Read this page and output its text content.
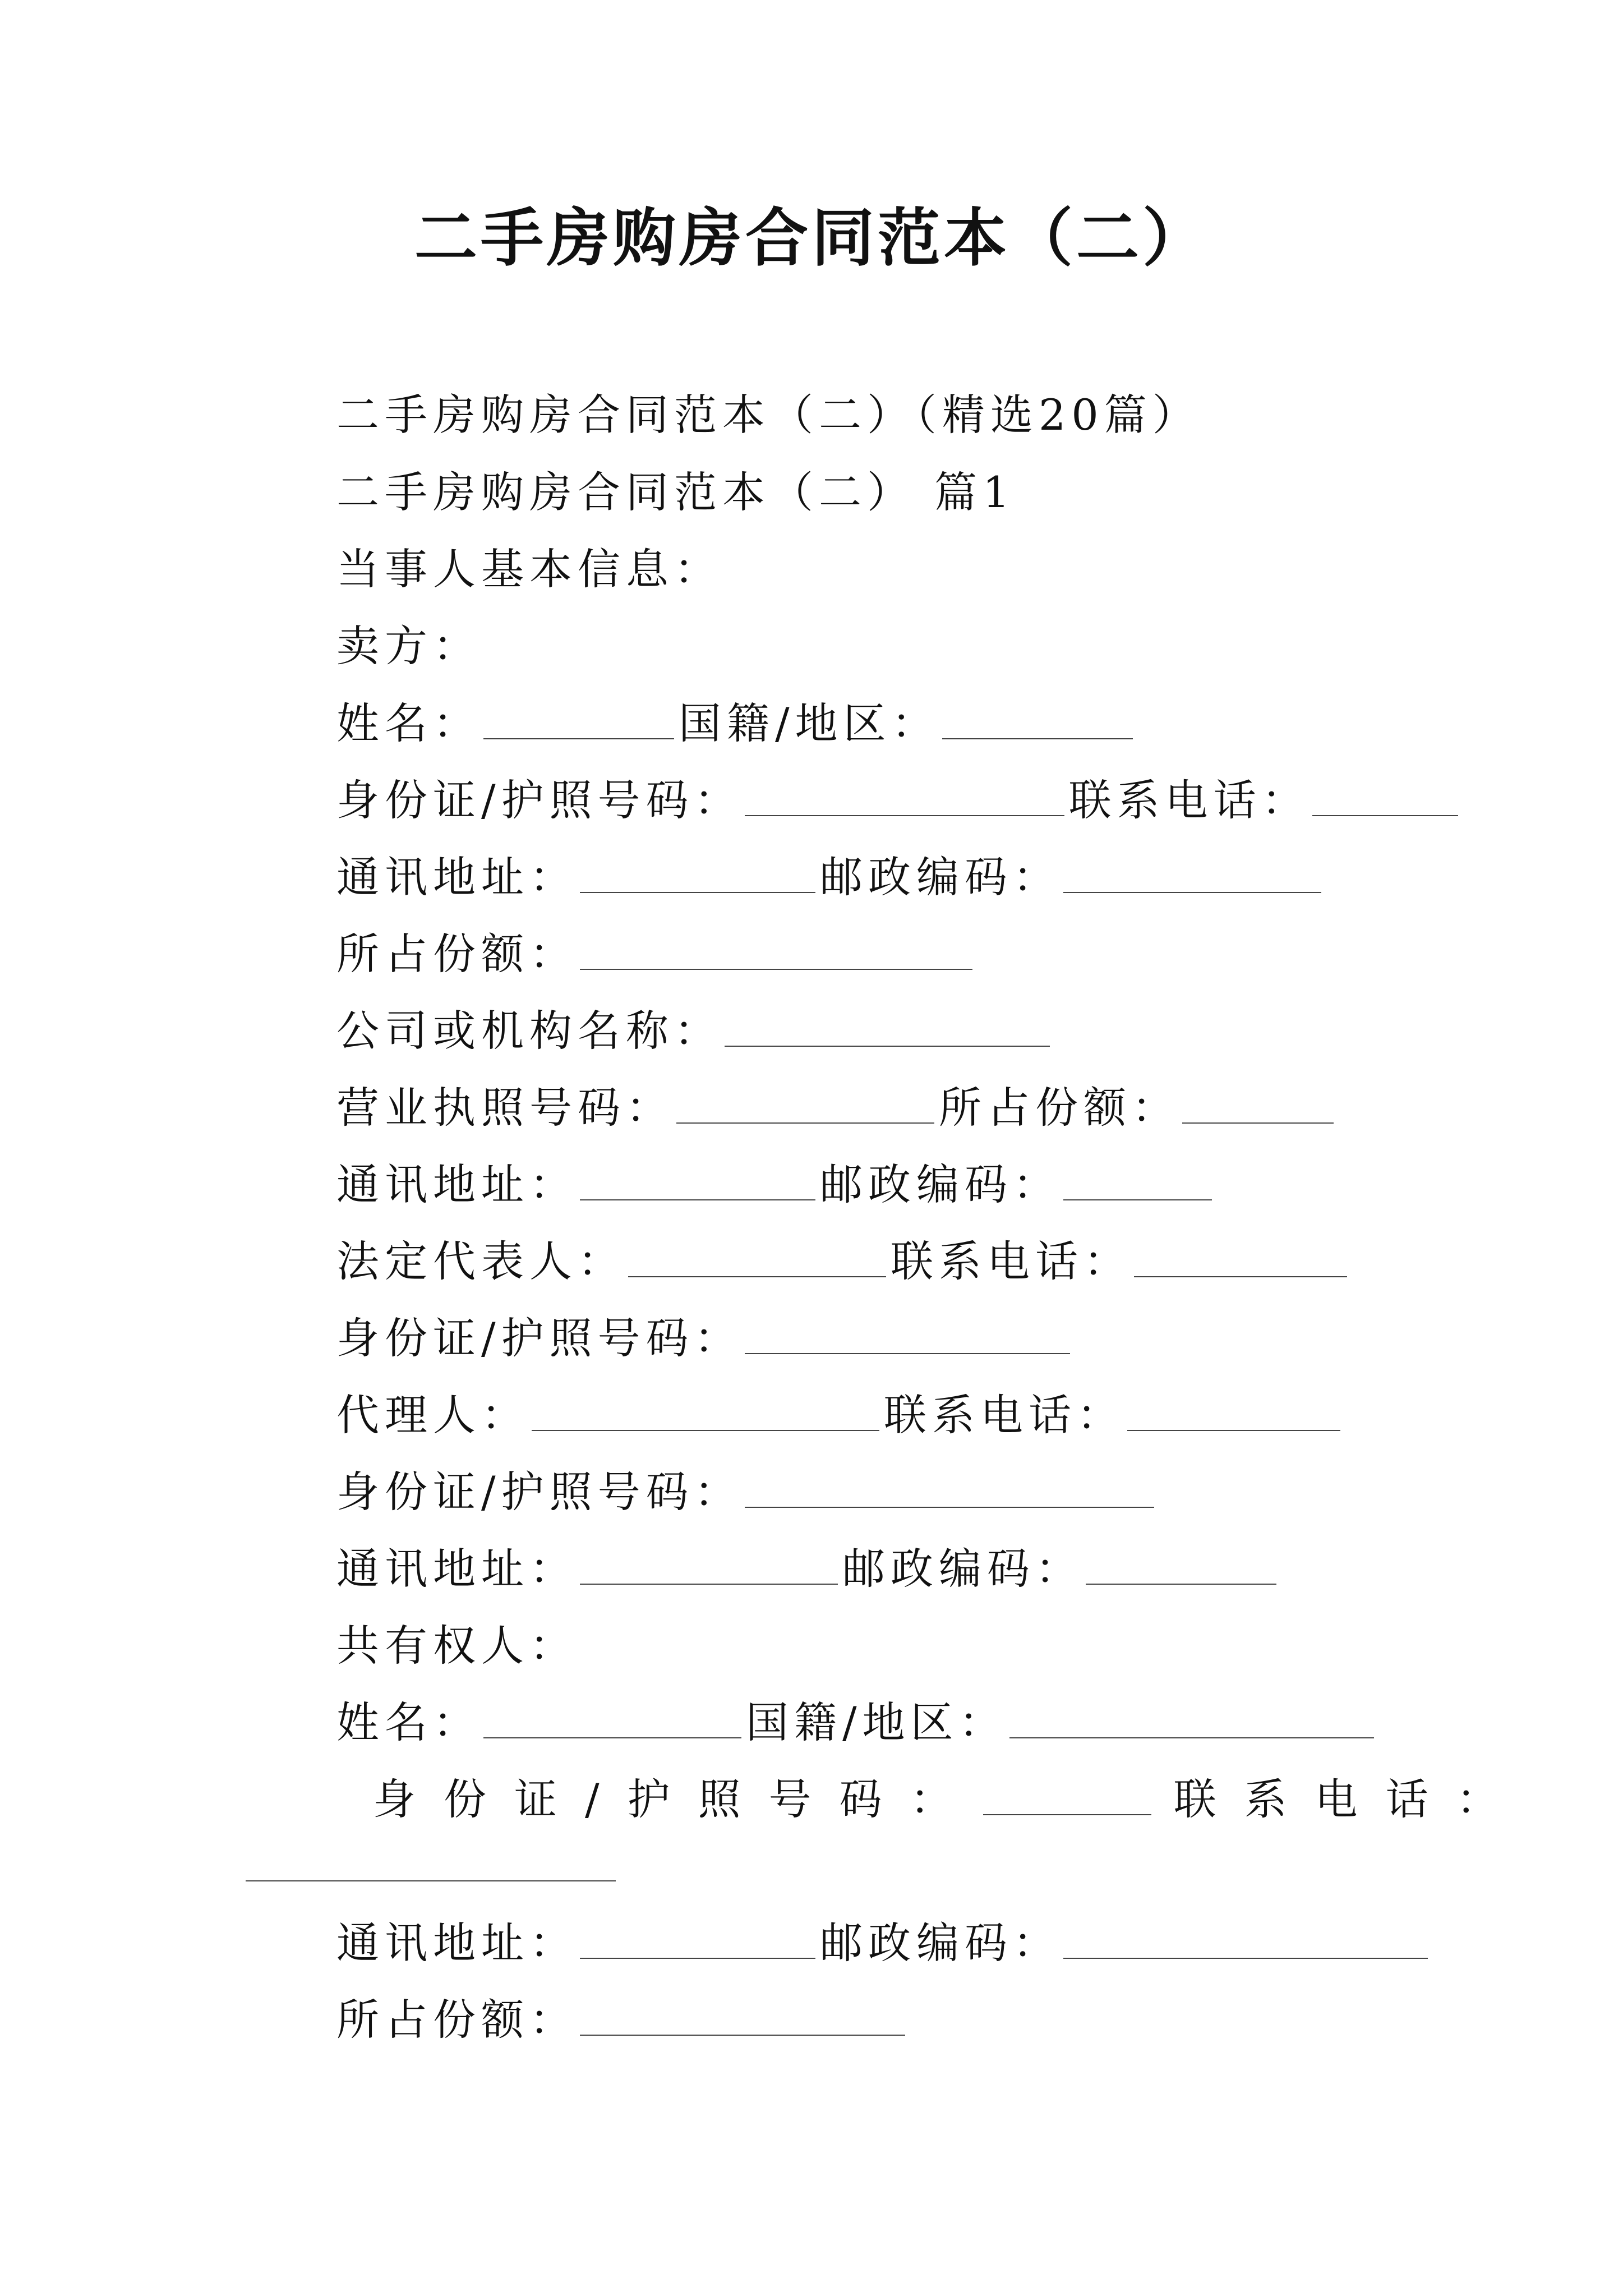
二手房购房合同范本（二）
二手房购房合同范本（二）（精选20篇）
二手房购房合同范本（二） 篇1
当事人基本信息：
卖方：
姓名：	国籍/地区：
身份证/护照号码：	联系电话：
通讯地址：	邮政编码：
所占份额：
公司或机构名称：
营业执照号码：	所占份额：
通讯地址：	邮政编码：
法定代表人：	联系电话：
身份证/护照号码：
代理人：	联系电话：
身份证/护照号码：
通讯地址：	邮政编码：
共有权人：
姓名：	国籍/地区：
身份证/护照号码：	联系电话：
通讯地址：	邮政编码：
所占份额：
